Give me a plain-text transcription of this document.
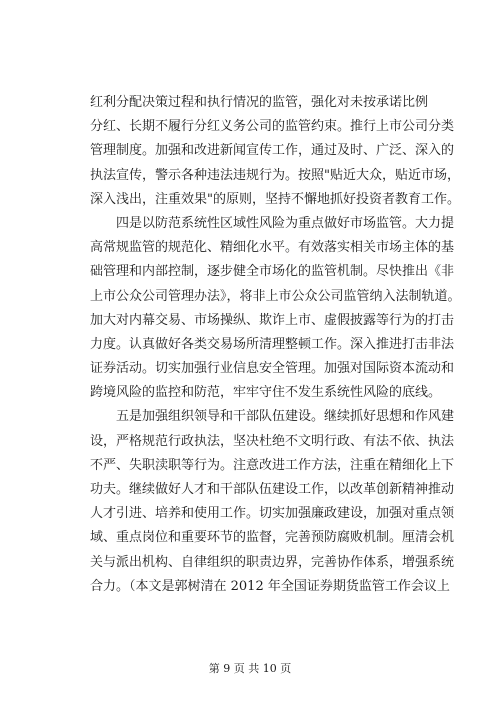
红利分配决策过程和执行情况的监管，强化对未按承诺比例
分红、长期不履行分红义务公司的监管约束。推行上市公司分类
管理制度。加强和改进新闻宣传工作，通过及时、广泛、深入的
执法宣传，警示各种违法违规行为。按照"贴近大众，贴近市场，
深入浅出，注重效果"的原则，坚持不懈地抓好投资者教育工作。
　　四是以防范系统性区域性风险为重点做好市场监管。大力提
高常规监管的规范化、精细化水平。有效落实相关市场主体的基
础管理和内部控制，逐步健全市场化的监管机制。尽快推出《非
上市公众公司管理办法》，将非上市公众公司监管纳入法制轨道。
加大对内幕交易、市场操纵、欺诈上市、虚假披露等行为的打击
力度。认真做好各类交易场所清理整顿工作。深入推进打击非法
证券活动。切实加强行业信息安全管理。加强对国际资本流动和
跨境风险的监控和防范，牢牢守住不发生系统性风险的底线。
　　五是加强组织领导和干部队伍建设。继续抓好思想和作风建
设，严格规范行政执法，坚决杜绝不文明行政、有法不依、执法
不严、失职渎职等行为。注意改进工作方法，注重在精细化上下
功夫。继续做好人才和干部队伍建设工作，以改革创新精神推动
人才引进、培养和使用工作。切实加强廉政建设，加强对重点领
域、重点岗位和重要环节的监督，完善预防腐败机制。厘清会机
关与派出机构、自律组织的职责边界，完善协作体系，增强系统
合力。（本文是郭树清在 2012 年全国证券期货监管工作会议上
第 9 页 共 10 页
